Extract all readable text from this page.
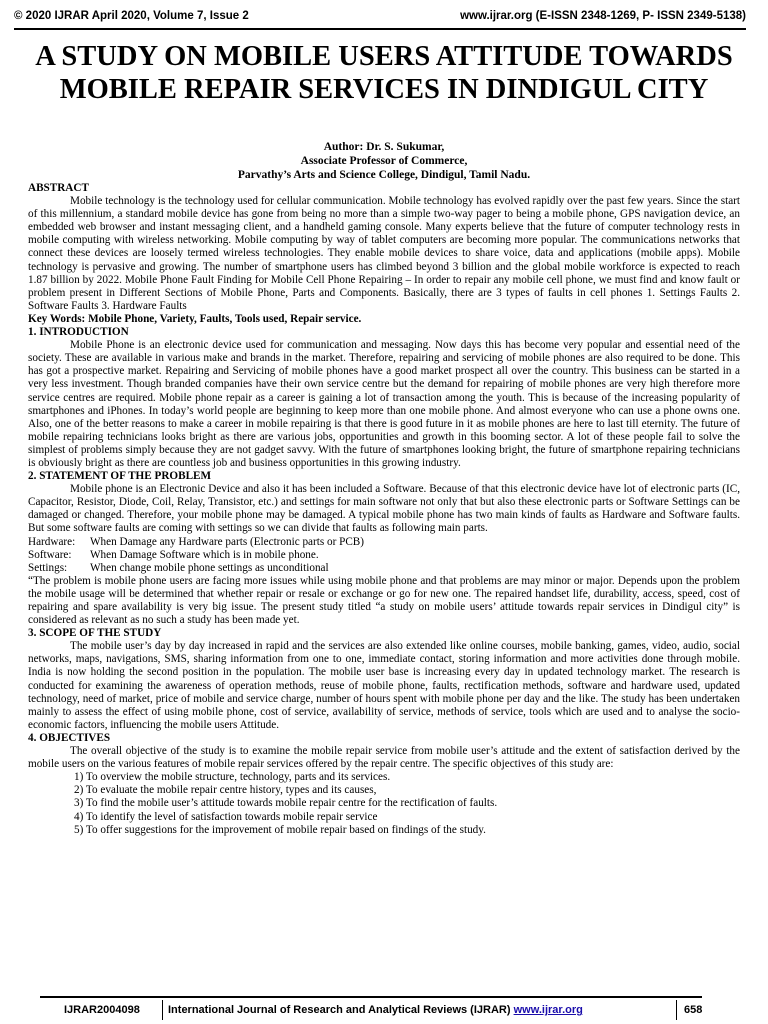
© 2020 IJRAR April 2020, Volume 7, Issue 2	www.ijrar.org (E-ISSN 2348-1269, P- ISSN 2349-5138)
A STUDY ON MOBILE USERS ATTITUDE TOWARDS MOBILE REPAIR SERVICES IN DINDIGUL CITY
Author: Dr. S. Sukumar,
Associate Professor of Commerce,
Parvathy’s Arts and Science College, Dindigul, Tamil Nadu.

ABSTRACT

Mobile technology is the technology used for cellular communication. Mobile technology has evolved rapidly over the past few years. Since the start of this millennium, a standard mobile device has gone from being no more than a simple two-way pager to being a mobile phone, GPS navigation device, an embedded web browser and instant messaging client, and a handheld gaming console. Many experts believe that the future of computer technology rests in mobile computing with wireless networking. Mobile computing by way of tablet computers are becoming more popular. The communications networks that connect these devices are loosely termed wireless technologies. They enable mobile devices to share voice, data and applications (mobile apps). Mobile technology is pervasive and growing. The number of smartphone users has climbed beyond 3 billion and the global mobile workforce is expected to reach 1.87 billion by 2022. Mobile Phone Fault Finding for Mobile Cell Phone Repairing – In order to repair any mobile cell phone, we must find and know fault or problem present in Different Sections of Mobile Phone, Parts and Components. Basically, there are 3 types of faults in cell phones 1. Settings Faults 2. Software Faults 3. Hardware Faults

Key Words: Mobile Phone, Variety, Faults, Tools used, Repair service.

1. INTRODUCTION

Mobile Phone is an electronic device used for communication and messaging. Now days this has become very popular and essential need of the society. These are available in various make and brands in the market. Therefore, repairing and servicing of mobile phones are also required to be done. This has got a prospective market. Repairing and Servicing of mobile phones have a good market prospect all over the country. This business can be started in a very less investment. Though branded companies have their own service centre but the demand for repairing of mobile phones are very high therefore more service centres are required. Mobile phone repair as a career is gaining a lot of transaction among the youth. This is because of the increasing popularity of smartphones and iPhones. In today’s world people are beginning to keep more than one mobile phone. And almost everyone who can use a phone owns one. Also, one of the better reasons to make a career in mobile repairing is that there is good future in it as mobile phones are here to last till eternity. The future of mobile repairing technicians looks bright as there are various jobs, opportunities and growth in this booming sector. A lot of these people fail to solve the simplest of problems simply because they are not gadget savvy. With the future of smartphones looking bright, the future of smartphone repairing technicians is obviously bright as there are countless job and business opportunities in this growing industry.

2. STATEMENT OF THE PROBLEM

Mobile phone is an Electronic Device and also it has been included a Software. Because of that this electronic device have lot of electronic parts (IC, Capacitor, Resistor, Diode, Coil, Relay, Transistor, etc.) and settings for main software not only that but also these electronic parts or Software Settings can be damaged or changed. Therefore, your mobile phone may be damaged. A typical mobile phone has two main kinds of faults as Hardware and Software faults. But some software faults are coming with settings so we can divide that faults as following main parts.

Hardware: When Damage any Hardware parts (Electronic parts or PCB)

Software: When Damage Software which is in mobile phone.

Settings: When change mobile phone settings as unconditional

“The problem is mobile phone users are facing more issues while using mobile phone and that problems are may minor or major. Depends upon the problem the mobile usage will be determined that whether repair or resale or exchange or go for new one. The repaired handset life, durability, access, speed, cost of repairing and spare availability is very big issue. The present study titled “a study on mobile users’ attitude towards repair services in Dindigul city” is considered as relevant as no such a study has been made yet.

3. SCOPE OF THE STUDY

The mobile user’s day by day increased in rapid and the services are also extended like online courses, mobile banking, games, video, audio, social networks, maps, navigations, SMS, sharing information from one to one, immediate contact, storing information and more activities done through mobile. India is now holding the second position in the population. The mobile user base is increasing every day in updated technology market. The research is conducted for examining the awareness of operation methods, reuse of mobile phone, faults, rectification methods, software and hardware used, updated technology, need of market, price of mobile and service charge, number of hours spent with mobile phone per day and the like. The study has been undertaken mainly to assess the effect of using mobile phone, cost of service, availability of service, methods of service, tools which are used and to analyse the socio-economic factors, influencing the mobile users Attitude.

4. OBJECTIVES

The overall objective of the study is to examine the mobile repair service from mobile user’s attitude and the extent of satisfaction derived by the mobile users on the various features of mobile repair services offered by the repair centre. The specific objectives of this study are:

1) To overview the mobile structure, technology, parts and its services.

2) To evaluate the mobile repair centre history, types and its causes,

3) To find the mobile user’s attitude towards mobile repair centre for the rectification of faults.

4) To identify the level of satisfaction towards mobile repair service

5) To offer suggestions for the improvement of mobile repair based on findings of the study.

IJRAR2004098	International Journal of Research and Analytical Reviews (IJRAR) www.ijrar.org	658
